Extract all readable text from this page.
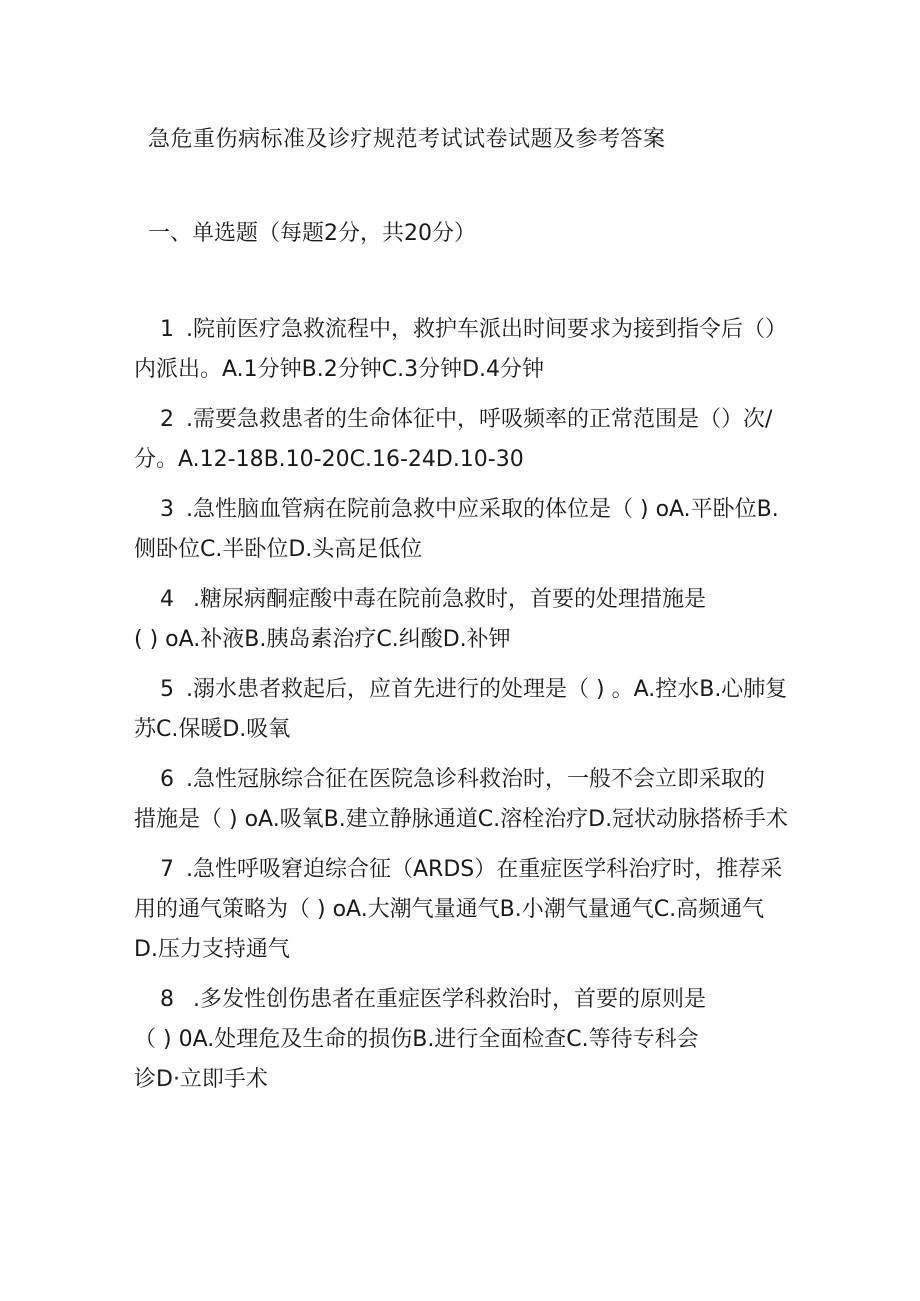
急危重伤病标准及诊疗规范考试试卷试题及参考答案
一、单选题（每题2分，共20分）
1 .院前医疗急救流程中，救护车派出时间要求为接到指令后（）
内派出。A.1分钟B.2分钟C.3分钟D.4分钟
2 .需要急救患者的生命体征中，呼吸频率的正常范围是（）次/
分。A.12-18B.10-20C.16-24D.10-30
3 .急性脑血管病在院前急救中应采取的体位是（ ) oA.平卧位B.
侧卧位C.半卧位D.头高足低位
4 .糖尿病酮症酸中毒在院前急救时，首要的处理措施是
( ) oA.补液B.胰岛素治疗C.纠酸D.补钾
5 .溺水患者救起后，应首先进行的处理是（ ) 。A.控水B.心肺复
苏C.保暖D.吸氧
6 .急性冠脉综合征在医院急诊科救治时，一般不会立即采取的
措施是（ ) oA.吸氧B.建立静脉通道C.溶栓治疗D.冠状动脉搭桥手术
7 .急性呼吸窘迫综合征（ARDS）在重症医学科治疗时，推荐采
用的通气策略为（ ) oA.大潮气量通气B.小潮气量通气C.高频通气
D.压力支持通气
8 .多发性创伤患者在重症医学科救治时，首要的原则是
（ ) 0A.处理危及生命的损伤B.进行全面检查C.等待专科会
诊D·立即手术
